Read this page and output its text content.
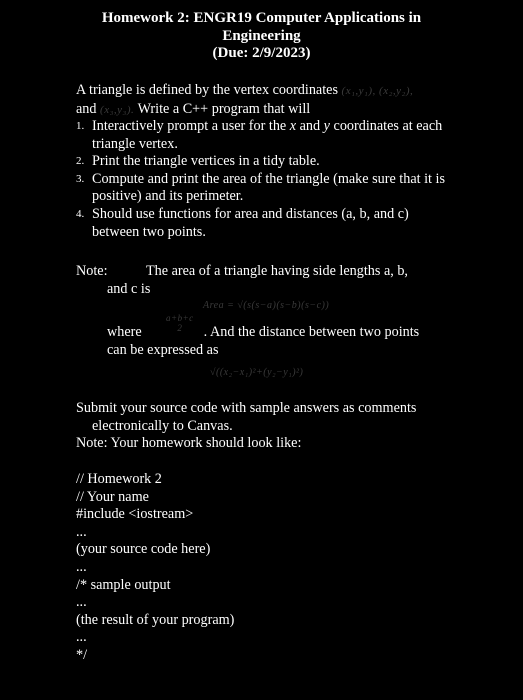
Homework 2: ENGR19 Computer Applications in
Engineering
(Due: 2/9/2023)
A triangle is defined by the vertex coordinates (x₁,y₁), (x₂,y₂),
and (x₃,y₃). Write a C++ program that will
1. Interactively prompt a user for the x and y coordinates at each triangle vertex.
2. Print the triangle vertices in a tidy table.
3. Compute and print the area of the triangle (make sure that it is positive) and its perimeter.
4. Should use functions for area and distances (a, b, and c) between two points.
Note:	The area of a triangle having side lengths a, b,
and c is
Area = √(s(s−a)(s−b)(s−c))
a+b+c
2
where	. And the distance between two points
can be expressed as
√((x₂−x₁)²+(y₂−y₁)²)
Submit your source code with sample answers as comments
electronically to Canvas.
Note: Your homework should look like:
// Homework 2
// Your name
#include <iostream>
...
(your source code here)
...
/* sample output
...
(the result of your program)
...
*/
